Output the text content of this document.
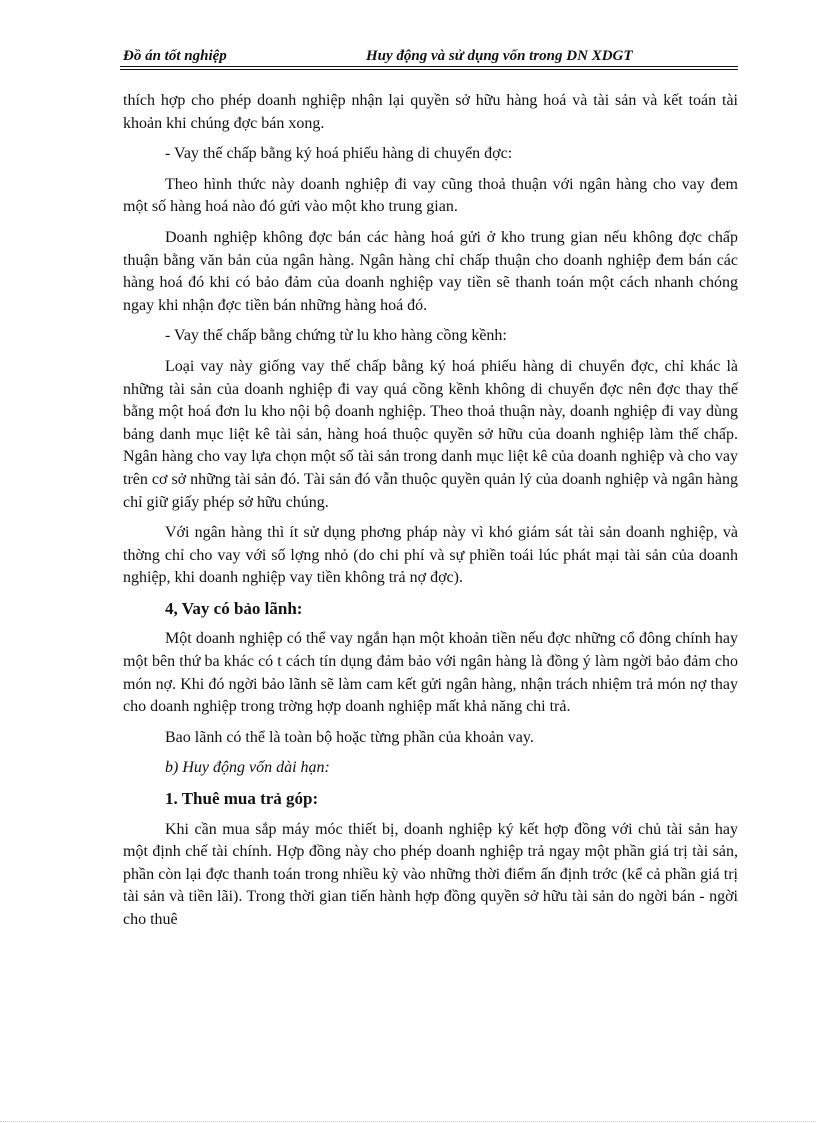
Đồ án tốt nghiệp	Huy động và sử dụng vốn trong DN XDGT

thích hợp cho phép doanh nghiệp nhận lại quyền sở hữu hàng hoá và tài sản và kết toán tài khoản khi chúng đợc bán xong.

- Vay thế chấp bằng ký hoá phiếu hàng di chuyển đợc:

Theo hình thức này doanh nghiệp đi vay cũng thoả thuận với ngân hàng cho vay đem một số hàng hoá nào đó gửi vào một kho trung gian.

Doanh nghiệp không đợc bán các hàng hoá gửi ở kho trung gian nếu không đợc chấp thuận bằng văn bản của ngân hàng. Ngân hàng chỉ chấp thuận cho doanh nghiệp đem bán các hàng hoá đó khi có bảo đảm của doanh nghiệp vay tiền sẽ thanh toán một cách nhanh chóng ngay khi nhận đợc tiền bán những hàng hoá đó.

- Vay thế chấp bằng chứng từ lu kho hàng cồng kềnh:

Loại vay này giống vay thế chấp bằng ký hoá phiếu hàng di chuyển đợc, chỉ khác là những tài sản của doanh nghiệp đi vay quá cồng kềnh không di chuyển đợc nên đợc thay thế bằng một hoá đơn lu kho nội bộ doanh nghiệp. Theo thoả thuận này, doanh nghiệp đi vay dùng bảng danh mục liệt kê tài sản, hàng hoá thuộc quyền sở hữu của doanh nghiệp làm thế chấp. Ngân hàng cho vay lựa chọn một số tài sản trong danh mục liệt kê của doanh nghiệp và cho vay trên cơ sở những tài sản đó. Tài sản đó vẫn thuộc quyền quản lý của doanh nghiệp và ngân hàng chỉ giữ giấy phép sở hữu chúng.

Với ngân hàng thì ít sử dụng phơng pháp này vì khó giám sát tài sản doanh nghiệp, và thờng chỉ cho vay với số lợng nhỏ (do chi phí và sự phiền toái lúc phát mại tài sản của doanh nghiệp, khi doanh nghiệp vay tiền không trả nợ đợc).

4, Vay có bảo lãnh:

Một doanh nghiệp có thể vay ngắn hạn một khoản tiền nếu đợc những cổ đông chính hay một bên thứ ba khác có t cách tín dụng đảm bảo với ngân hàng là đồng ý làm ngời bảo đảm cho món nợ. Khi đó ngời bảo lãnh sẽ làm cam kết gửi ngân hàng, nhận trách nhiệm trả món nợ thay cho doanh nghiệp trong trờng hợp doanh nghiệp mất khả năng chi trả.

Bao lãnh có thể là toàn bộ hoặc từng phần của khoản vay.

b) Huy động vốn dài hạn:

1. Thuê mua trả góp:

Khi cần mua sắp máy móc thiết bị, doanh nghiệp ký kết hợp đồng với chủ tài sản hay một định chế tài chính. Hợp đồng này cho phép doanh nghiệp trả ngay một phần giá trị tài sản, phần còn lại đợc thanh toán trong nhiều kỳ vào những thời điểm ấn định trớc (kể cả phần giá trị tài sản và tiền lãi). Trong thời gian tiến hành hợp đồng quyền sở hữu tài sản do ngời bán - ngời cho thuê
